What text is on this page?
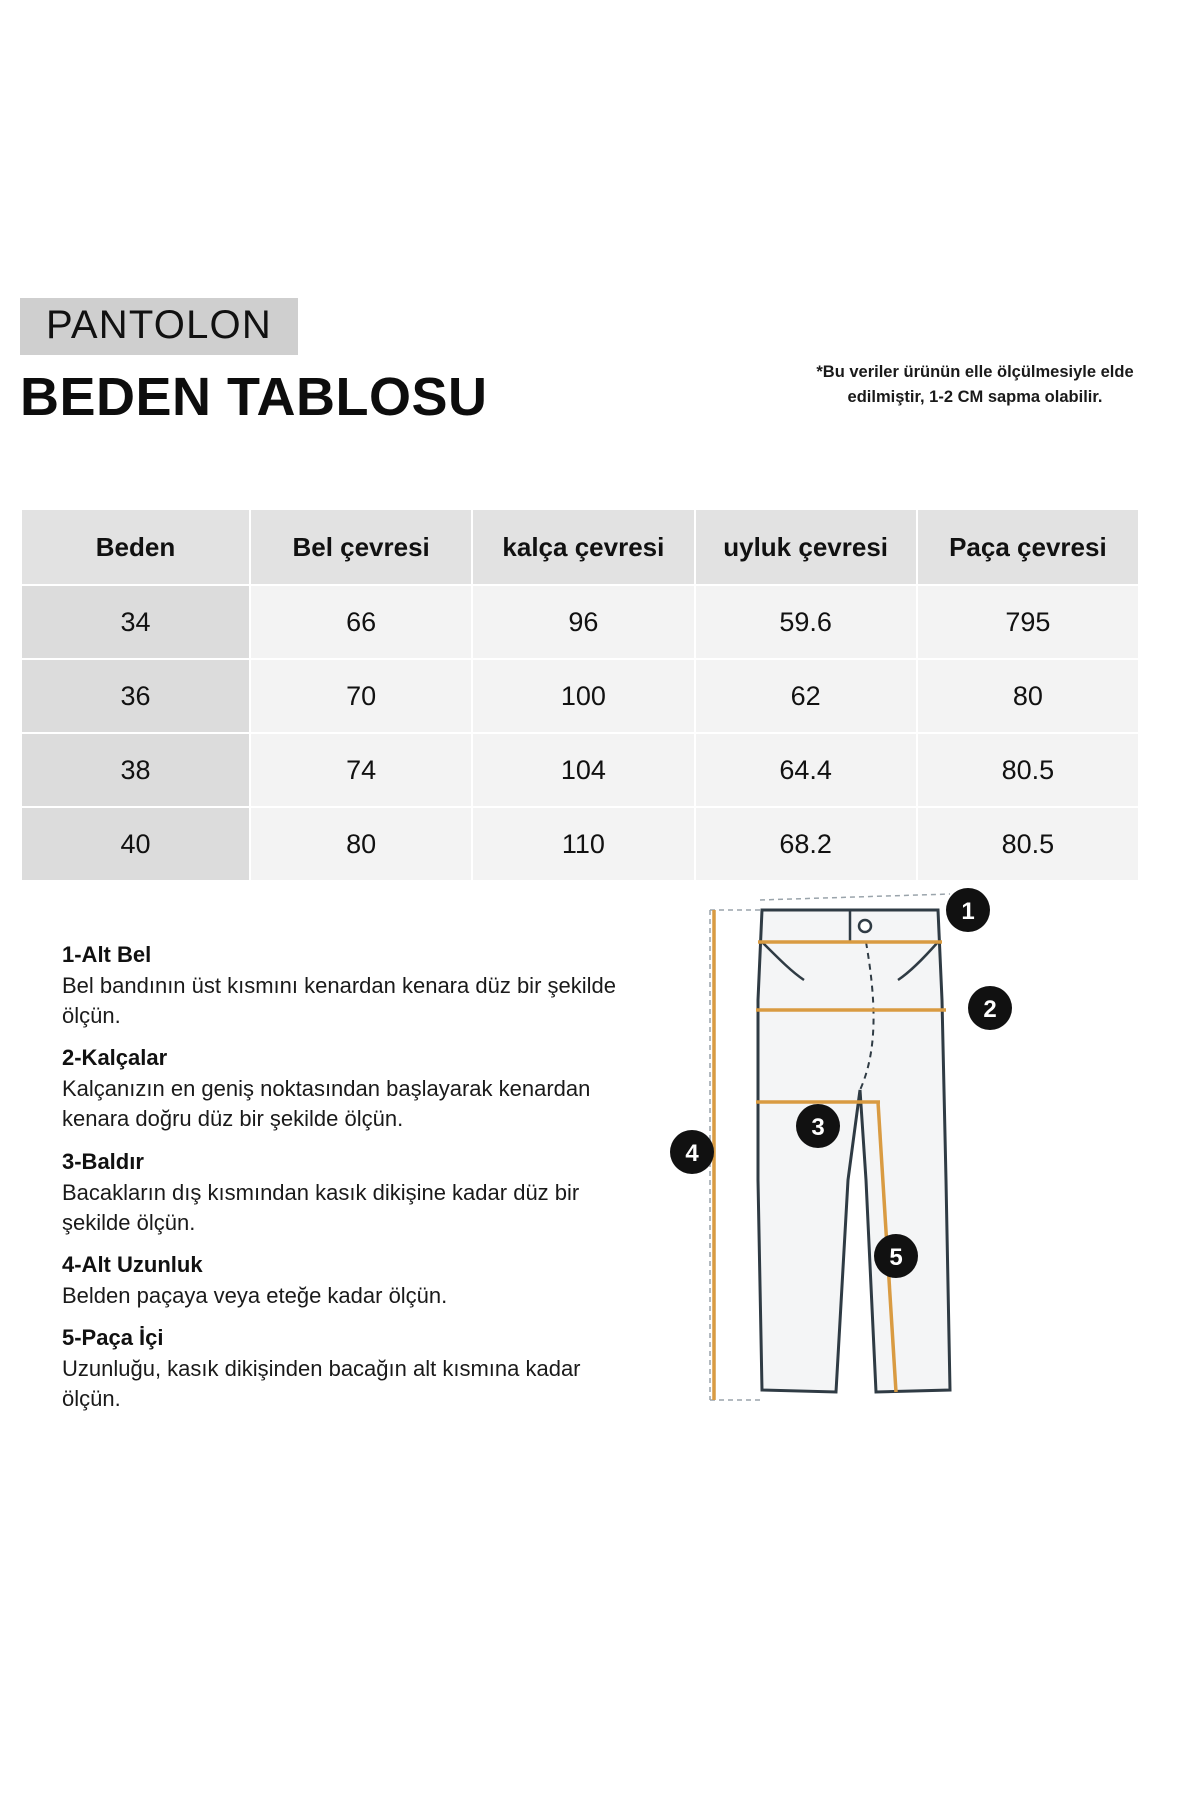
PANTOLON
BEDEN TABLOSU	*Bu veriler ürünün elle ölçülmesiyle elde edilmiştir, 1-2 CM sapma olabilir.
Beden	Bel çevresi	kalça çevresi	uyluk çevresi	Paça çevresi
34	66	96	59.6	795
36	70	100	62	80
38	74	104	64.4	80.5
40	80	110	68.2	80.5
1-Alt Bel
Bel bandının üst kısmını kenardan kenara düz bir şekilde ölçün.
2-Kalçalar
Kalçanızın en geniş noktasından başlayarak kenardan kenara doğru düz bir şekilde ölçün.
3-Baldır
Bacakların dış kısmından kasık dikişine kadar düz bir şekilde ölçün.
4-Alt Uzunluk
Belden paçaya veya eteğe kadar ölçün.
5-Paça İçi
Uzunluğu, kasık dikişinden bacağın alt kısmına kadar ölçün.
1
2
3
4
5
